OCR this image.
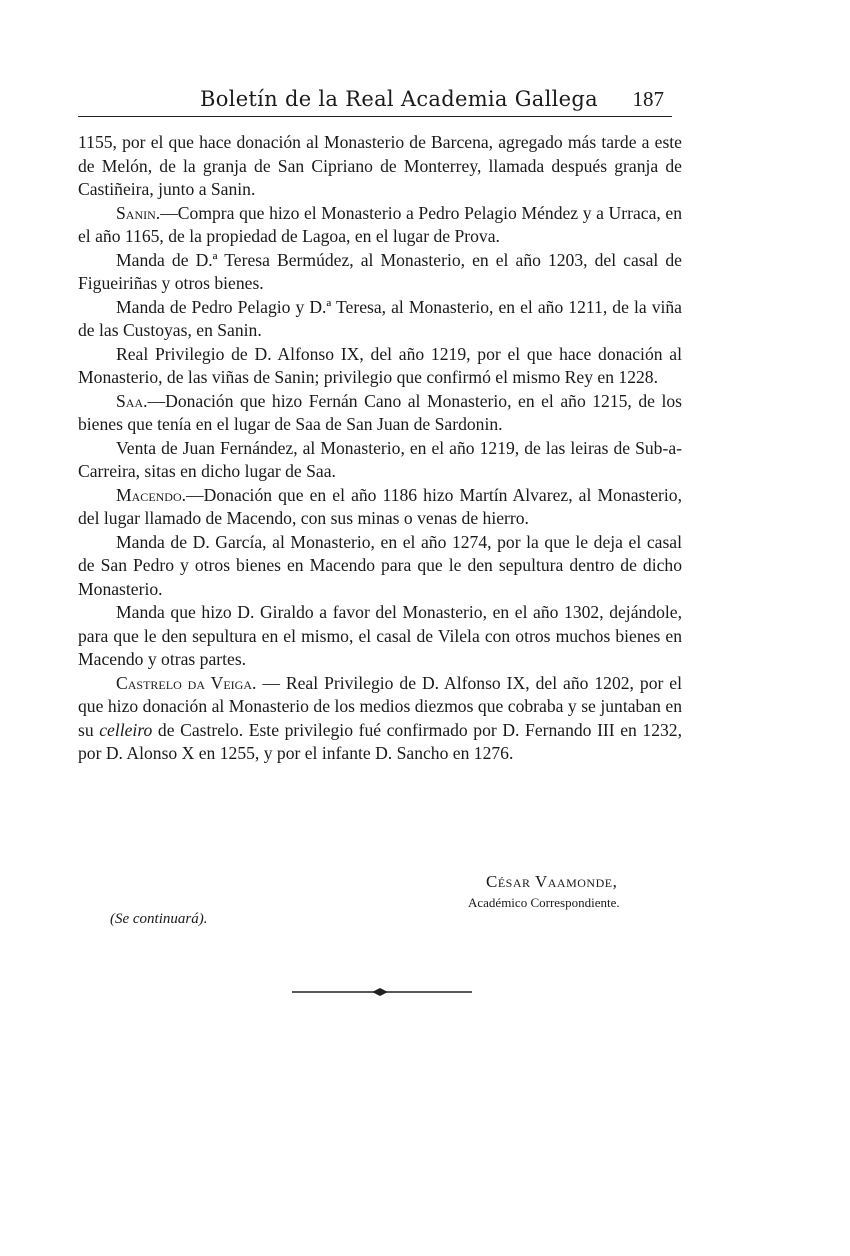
Boletín de la Real Academia Gallega 187

1155, por el que hace donación al Monasterio de Barcena, agregado más tarde a este de Melón, de la granja de San Cipriano de Monterrey, llamada después granja de Castiñeira, junto a Sanin.

Sanin.—Compra que hizo el Monasterio a Pedro Pelagio Méndez y a Urraca, en el año 1165, de la propiedad de Lagoa, en el lugar de Prova.

Manda de D.ª Teresa Bermúdez, al Monasterio, en el año 1203, del casal de Figueiriñas y otros bienes.

Manda de Pedro Pelagio y D.ª Teresa, al Monasterio, en el año 1211, de la viña de las Custoyas, en Sanin.

Real Privilegio de D. Alfonso IX, del año 1219, por el que hace donación al Monasterio, de las viñas de Sanin; privilegio que confirmó el mismo Rey en 1228.

Saa.—Donación que hizo Fernán Cano al Monasterio, en el año 1215, de los bienes que tenía en el lugar de Saa de San Juan de Sardonin.

Venta de Juan Fernández, al Monasterio, en el año 1219, de las leiras de Sub-a-Carreira, sitas en dicho lugar de Saa.

Macendo.—Donación que en el año 1186 hizo Martín Alvarez, al Monasterio, del lugar llamado de Macendo, con sus minas o venas de hierro.

Manda de D. García, al Monasterio, en el año 1274, por la que le deja el casal de San Pedro y otros bienes en Macendo para que le den sepultura dentro de dicho Monasterio.

Manda que hizo D. Giraldo a favor del Monasterio, en el año 1302, dejándole, para que le den sepultura en el mismo, el casal de Vilela con otros muchos bienes en Macendo y otras partes.

Castrelo da Veiga. — Real Privilegio de D. Alfonso IX, del año 1202, por el que hizo donación al Monasterio de los medios diezmos que cobraba y se juntaban en su celleiro de Castrelo. Este privilegio fué confirmado por D. Fernando III en 1232, por D. Alonso X en 1255, y por el infante D. Sancho en 1276.

César Vaamonde,
Académico Correspondiente.
(Se continuará).
